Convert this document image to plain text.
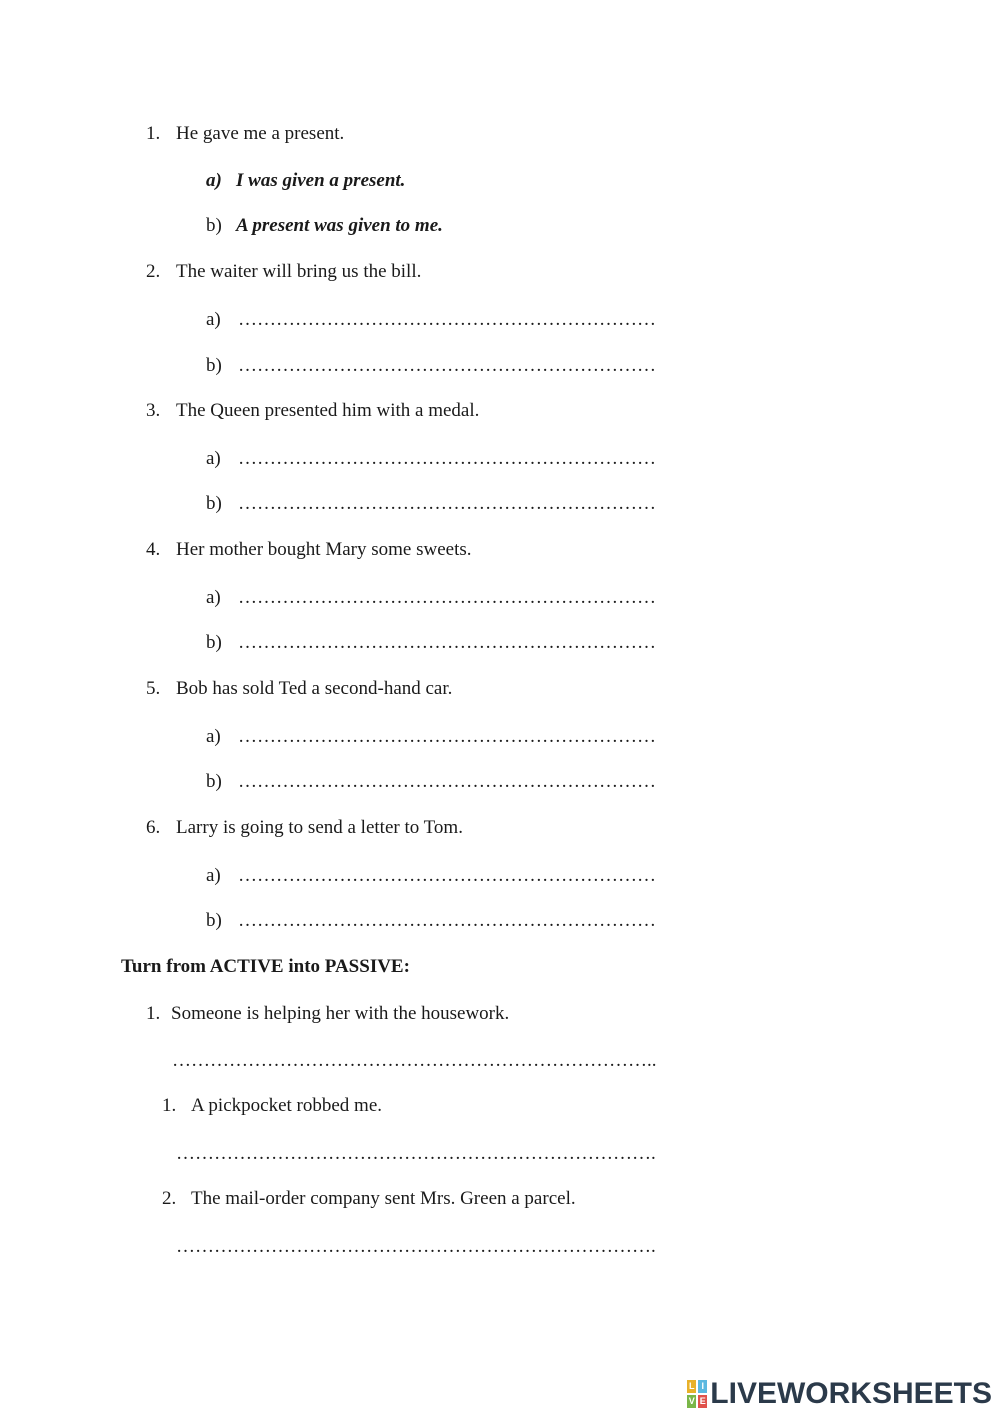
1. He gave me a present.
a) I was given a present.
b) A present was given to me.
2. The waiter will bring us the bill.
a) …………………………………………………………
b) …………………………………………………………
3. The Queen presented him with a medal.
a) …………………………………………………………
b) …………………………………………………………
4. Her mother bought Mary some sweets.
a) …………………………………………………………
b) …………………………………………………………
5. Bob has sold Ted a second-hand car.
a) …………………………………………………………
b) …………………………………………………………
6. Larry is going to send a letter to Tom.
a) …………………………………………………………
b) …………………………………………………………
Turn from ACTIVE into PASSIVE:
1. Someone is helping her with the housework.
…………………………………………………………………..
1. A pickpocket robbed me.
………………………………………………………………….
2. The mail-order company sent Mrs. Green a parcel.
………………………………………………………………….
L I
V E LIVEWORKSHEETS
